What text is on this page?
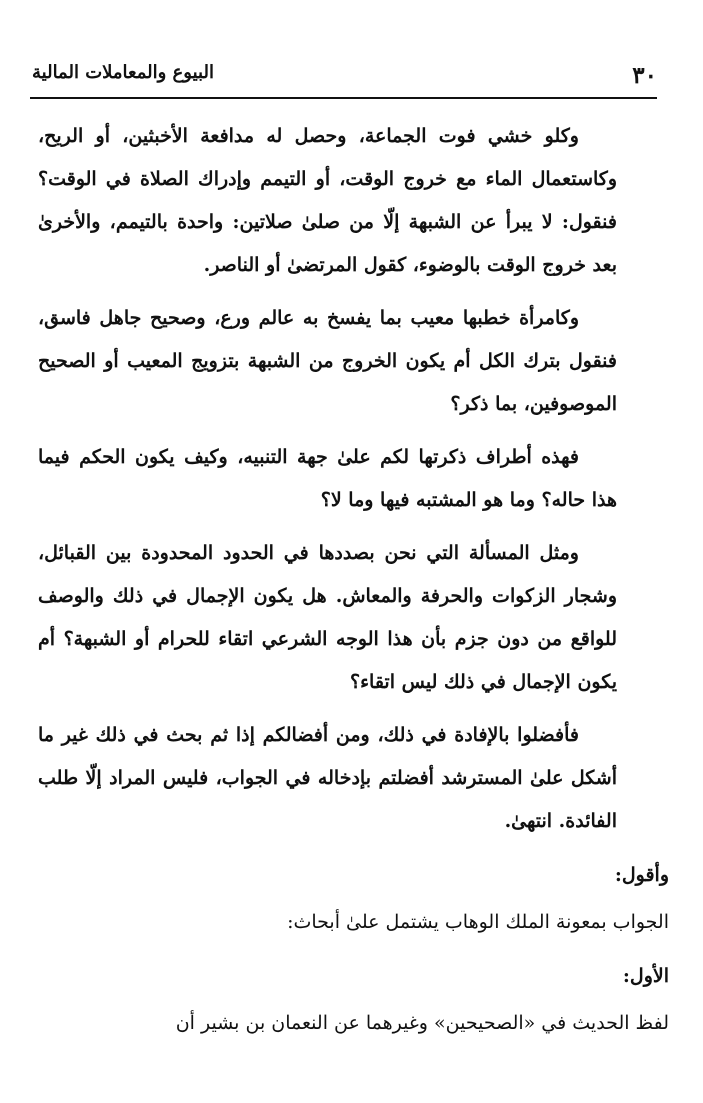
٣٠
البيوع والمعاملات المالية

وكلو خشي فوت الجماعة، وحصل له مدافعة الأخبثين، أو الريح، وكاستعمال الماء مع خروج الوقت، أو التيمم وإدراك الصلاة في الوقت؟ فنقول: لا يبرأ عن الشبهة إلّا من صلىٰ صلاتين: واحدة بالتيمم، والأخرىٰ بعد خروج الوقت بالوضوء، كقول المرتضىٰ أو الناصر.

وكامرأة خطبها معيب بما يفسخ به عالم ورع، وصحيح جاهل فاسق، فنقول بترك الكل أم يكون الخروج من الشبهة بتزويج المعيب أو الصحيح الموصوفين، بما ذكر؟

فهذه أطراف ذكرتها لكم علىٰ جهة التنبيه، وكيف يكون الحكم فيما هذا حاله؟ وما هو المشتبه فيها وما لا؟

ومثل المسألة التي نحن بصددها في الحدود المحدودة بين القبائل، وشجار الزكوات والحرفة والمعاش. هل يكون الإجمال في ذلك والوصف للواقع من دون جزم بأن هذا الوجه الشرعي اتقاء للحرام أو الشبهة؟ أم يكون الإجمال في ذلك ليس اتقاء؟

فأفضلوا بالإفادة في ذلك، ومن أفضالكم إذا ثم بحث في ذلك غير ما أشكل علىٰ المسترشد أفضلتم بإدخاله في الجواب، فليس المراد إلّا طلب الفائدة. انتهىٰ.

وأقول:

الجواب بمعونة الملك الوهاب يشتمل علىٰ أبحاث:

الأول:

لفظ الحديث في «الصحيحين» وغيرهما عن النعمان بن بشير أن
